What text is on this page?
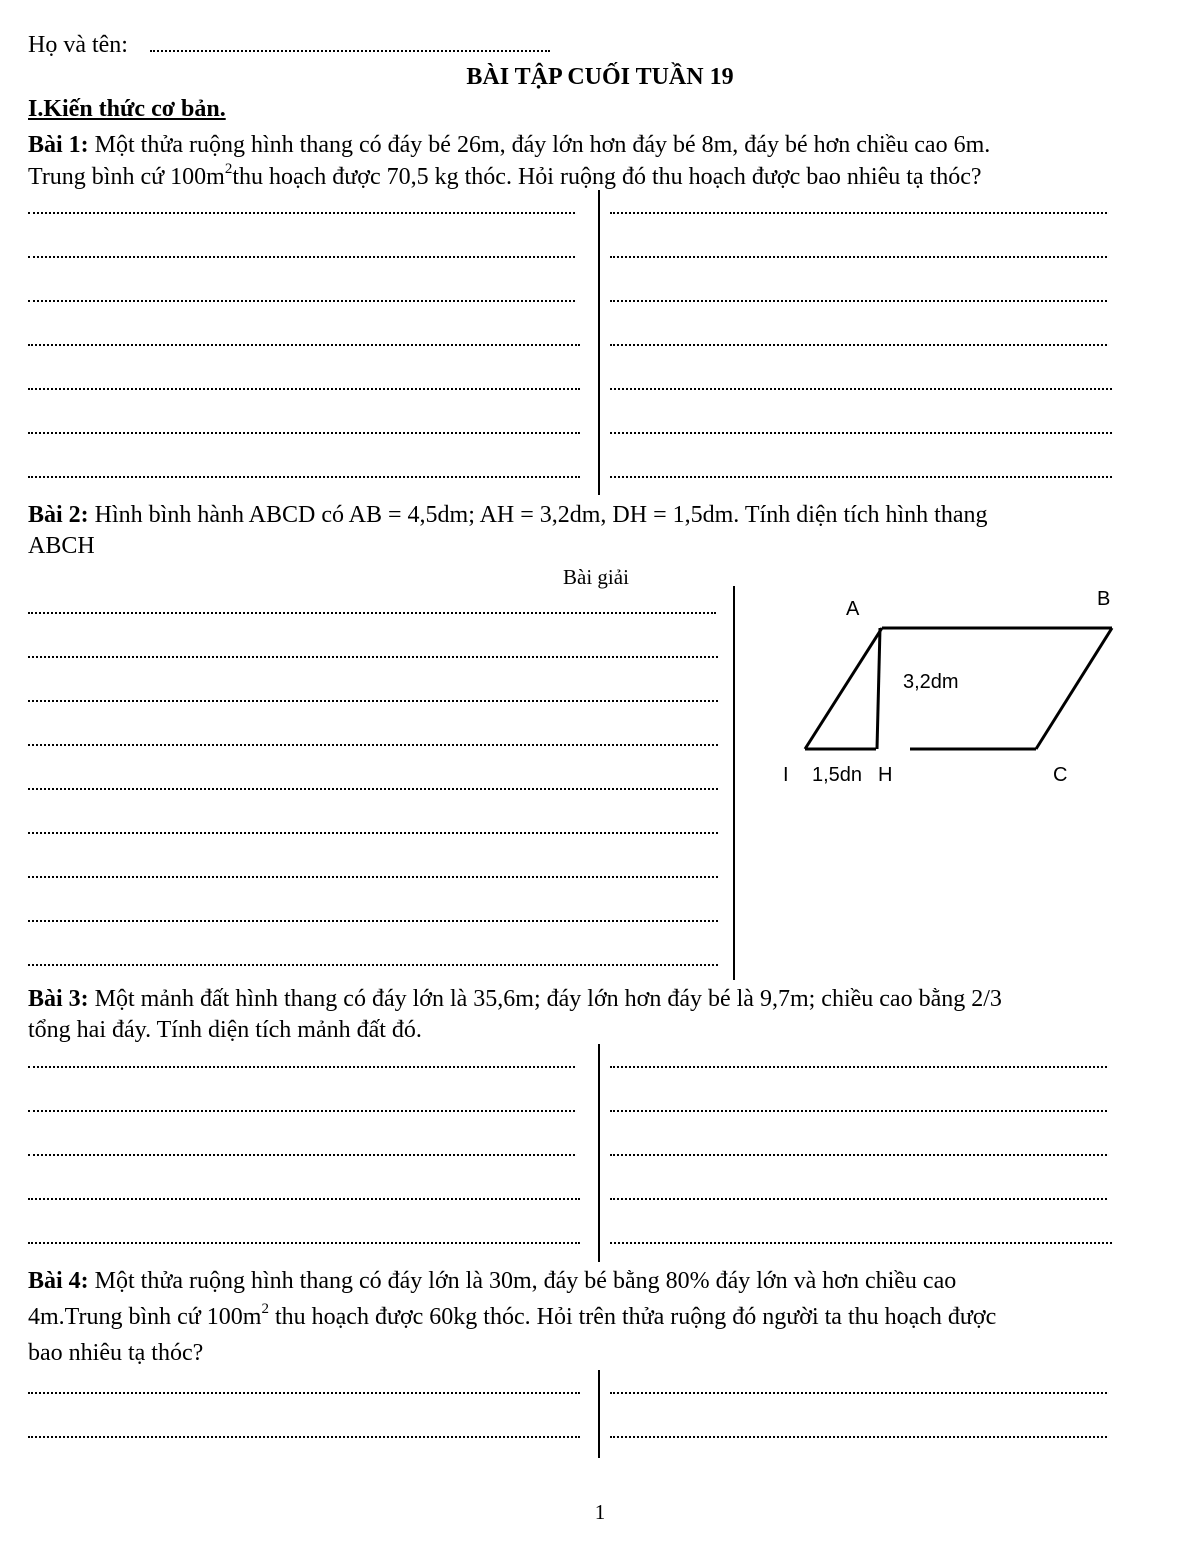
Họ và tên:
BÀI TẬP CUỐI TUẦN 19
I.Kiến thức cơ bản.
Bài 1: Một thửa ruộng hình thang có đáy bé 26m, đáy lớn hơn đáy bé 8m, đáy bé hơn chiều cao 6m.
Trung bình cứ $100m^2thu$ hoạch được 70,5 kg thóc. Hỏi ruộng đó thu hoạch được bao nhiêu tạ thóc?
Bài 2: Hình bình hành ABCD có AB = 4,5dm; AH = 3,2dm, DH = 1,5dm. Tính diện tích hình thang
ABCH
Bài giải
A	B
C
I	H
3,2dm
1,5dn
Bài 3: Một mảnh đất hình thang có đáy lớn là 35,6m; đáy lớn hơn đáy bé là 9,7m; chiều cao bằng 2/3
tổng hai đáy. Tính diện tích mảnh đất đó.
Bài 4: Một thửa ruộng hình thang có đáy lớn là 30m, đáy bé bằng 80% đáy lớn và hơn chiều cao
4m.Trung bình cứ $100m^2$ thu hoạch được 60kg thóc. Hỏi trên thửa ruộng đó người ta thu hoạch được
bao nhiêu tạ thóc?
1
